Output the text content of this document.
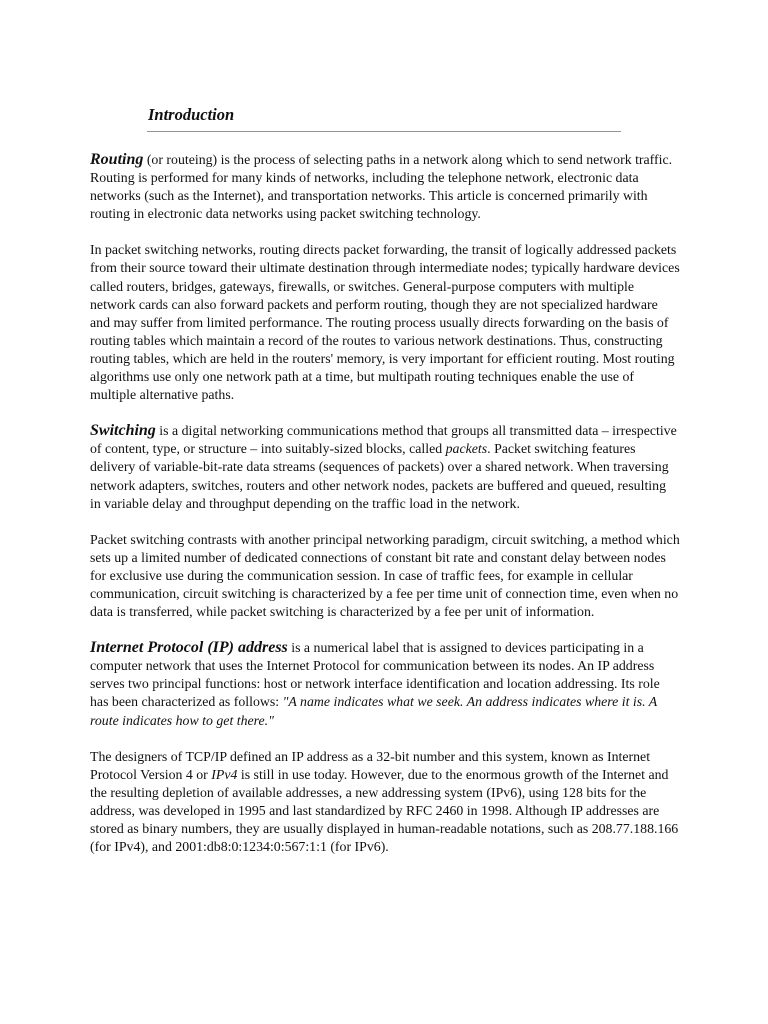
Introduction

Routing (or routeing) is the process of selecting paths in a network along which to send network traffic. Routing is performed for many kinds of networks, including the telephone network, electronic data networks (such as the Internet), and transportation networks. This article is concerned primarily with routing in electronic data networks using packet switching technology.

In packet switching networks, routing directs packet forwarding, the transit of logically addressed packets from their source toward their ultimate destination through intermediate nodes; typically hardware devices called routers, bridges, gateways, firewalls, or switches. General-purpose computers with multiple network cards can also forward packets and perform routing, though they are not specialized hardware and may suffer from limited performance. The routing process usually directs forwarding on the basis of routing tables which maintain a record of the routes to various network destinations. Thus, constructing routing tables, which are held in the routers' memory, is very important for efficient routing. Most routing algorithms use only one network path at a time, but multipath routing techniques enable the use of multiple alternative paths.

Switching is a digital networking communications method that groups all transmitted data – irrespective of content, type, or structure – into suitably-sized blocks, called packets. Packet switching features delivery of variable-bit-rate data streams (sequences of packets) over a shared network. When traversing network adapters, switches, routers and other network nodes, packets are buffered and queued, resulting in variable delay and throughput depending on the traffic load in the network.

Packet switching contrasts with another principal networking paradigm, circuit switching, a method which sets up a limited number of dedicated connections of constant bit rate and constant delay between nodes for exclusive use during the communication session. In case of traffic fees, for example in cellular communication, circuit switching is characterized by a fee per time unit of connection time, even when no data is transferred, while packet switching is characterized by a fee per unit of information.

Internet Protocol (IP) address is a numerical label that is assigned to devices participating in a computer network that uses the Internet Protocol for communication between its nodes. An IP address serves two principal functions: host or network interface identification and location addressing. Its role has been characterized as follows: "A name indicates what we seek. An address indicates where it is. A route indicates how to get there."

The designers of TCP/IP defined an IP address as a 32-bit number and this system, known as Internet Protocol Version 4 or IPv4 is still in use today. However, due to the enormous growth of the Internet and the resulting depletion of available addresses, a new addressing system (IPv6), using 128 bits for the address, was developed in 1995 and last standardized by RFC 2460 in 1998. Although IP addresses are stored as binary numbers, they are usually displayed in human-readable notations, such as 208.77.188.166 (for IPv4), and 2001:db8:0:1234:0:567:1:1 (for IPv6).
